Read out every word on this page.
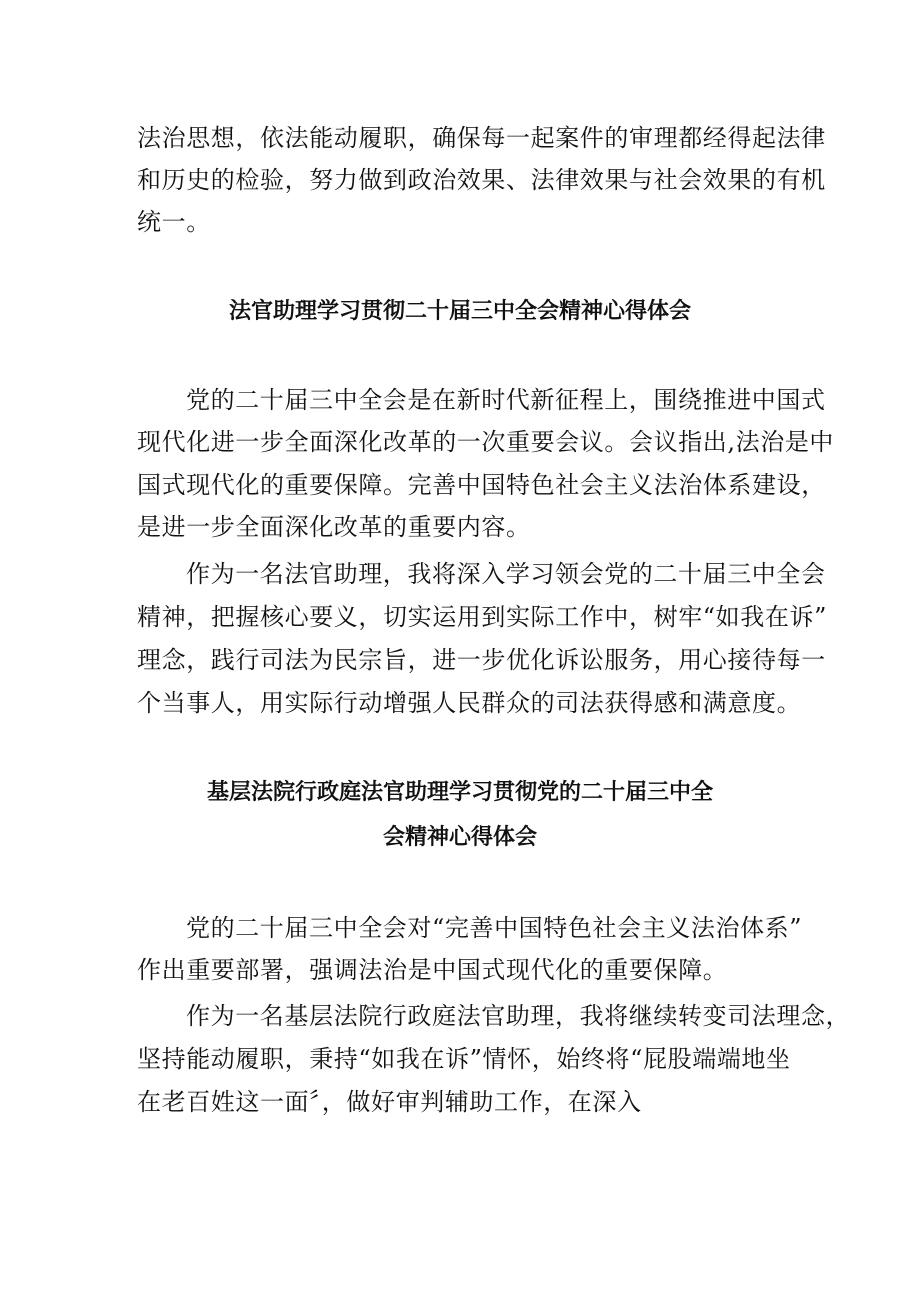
法治思想，依法能动履职，确保每一起案件的审理都经得起法律
和历史的检验，努力做到政治效果、法律效果与社会效果的有机
统一。
法官助理学习贯彻二十届三中全会精神心得体会
党的二十届三中全会是在新时代新征程上，围绕推进中国式
现代化进一步全面深化改革的一次重要会议。会议指出,法治是中
国式现代化的重要保障。完善中国特色社会主义法治体系建设，
是进一步全面深化改革的重要内容。
作为一名法官助理，我将深入学习领会党的二十届三中全会
精神，把握核心要义，切实运用到实际工作中，树牢“如我在诉”
理念，践行司法为民宗旨，进一步优化诉讼服务，用心接待每一
个当事人，用实际行动增强人民群众的司法获得感和满意度。
基层法院行政庭法官助理学习贯彻党的二十届三中全
会精神心得体会
党的二十届三中全会对“完善中国特色社会主义法治体系”
作出重要部署，强调法治是中国式现代化的重要保障。
作为一名基层法院行政庭法官助理，我将继续转变司法理念，
坚持能动履职，秉持“如我在诉”情怀，始终将“屁股端端地坐
在老百姓这一面〞，做好审判辅助工作，在深入
